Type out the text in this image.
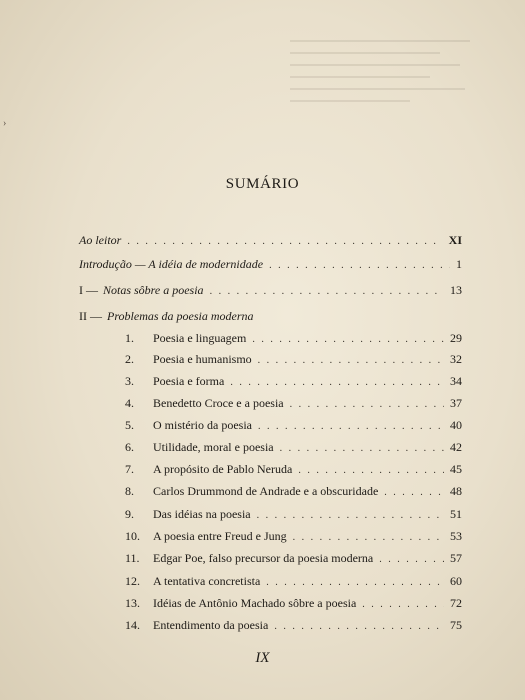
›
SUMÁRIO
Ao leitor . . .	XI
Introdução — A idéia de modernidade . . .	1
I — Notas sôbre a poesia . . .	13
II — Problemas da poesia moderna
1.	Poesia e linguagem . . .	29
2.	Poesia e humanismo . . .	32
3.	Poesia e forma . . .	34
4.	Benedetto Croce e a poesia . . .	37
5.	O mistério da poesia . . .	40
6.	Utilidade, moral e poesia . . .	42
7.	A propósito de Pablo Neruda . . .	45
8.	Carlos Drummond de Andrade e a obscuridade . . .	48
9.	Das idéias na poesia . . .	51
10.	A poesia entre Freud e Jung . . .	53
11.	Edgar Poe, falso precursor da poesia moderna . . .	57
12.	A tentativa concretista . . .	60
13.	Idéias de Antônio Machado sôbre a poesia . . .	72
14.	Entendimento da poesia . . .	75
IX
